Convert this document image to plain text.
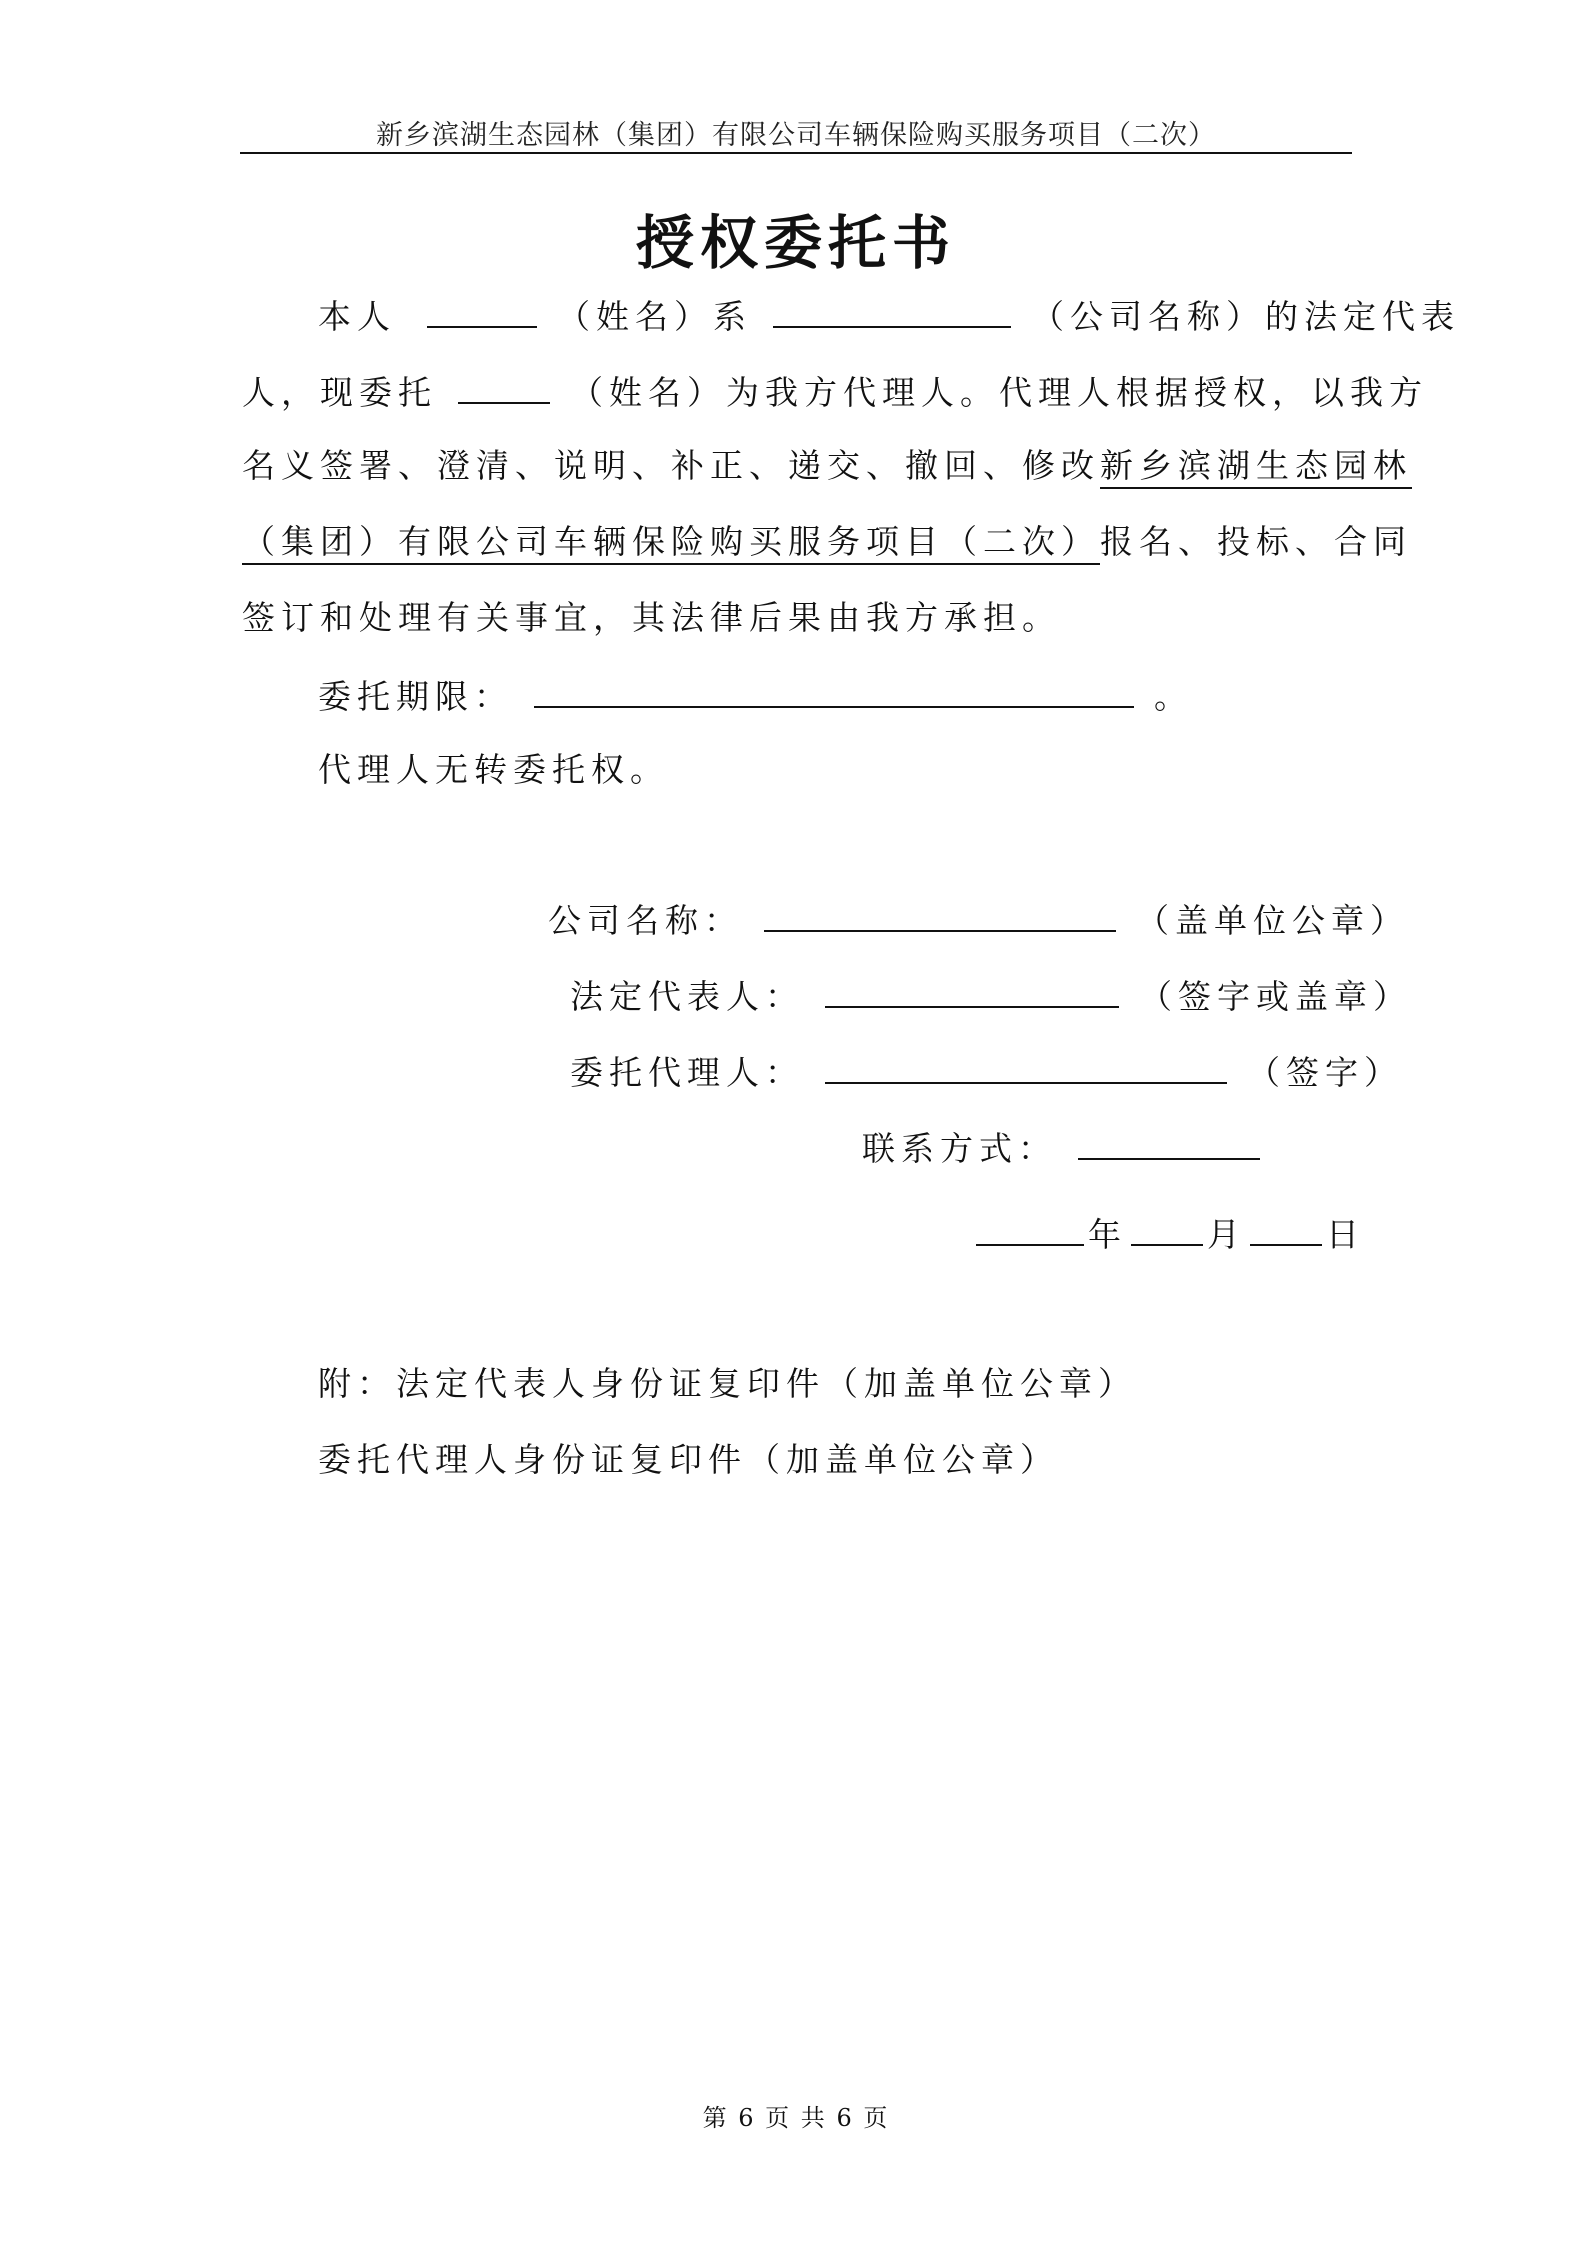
新乡滨湖生态园林（集团）有限公司车辆保险购买服务项目（二次）
授权委托书
本人	（姓名）系	（公司名称）的法定代表
人，现委托	（姓名）为我方代理人。代理人根据授权，以我方
名义签署、澄清、说明、补正、递交、撤回、修改新乡滨湖生态园林
（集团）有限公司车辆保险购买服务项目（二次）报名、投标、合同
签订和处理有关事宜，其法律后果由我方承担。
委托期限：	。
代理人无转委托权。
公司名称：	（盖单位公章）
法定代表人：	（签字或盖章）
委托代理人：	（签字）
联系方式：
年 月 日
附：法定代表人身份证复印件（加盖单位公章）
委托代理人身份证复印件（加盖单位公章）
第 6 页 共 6 页
